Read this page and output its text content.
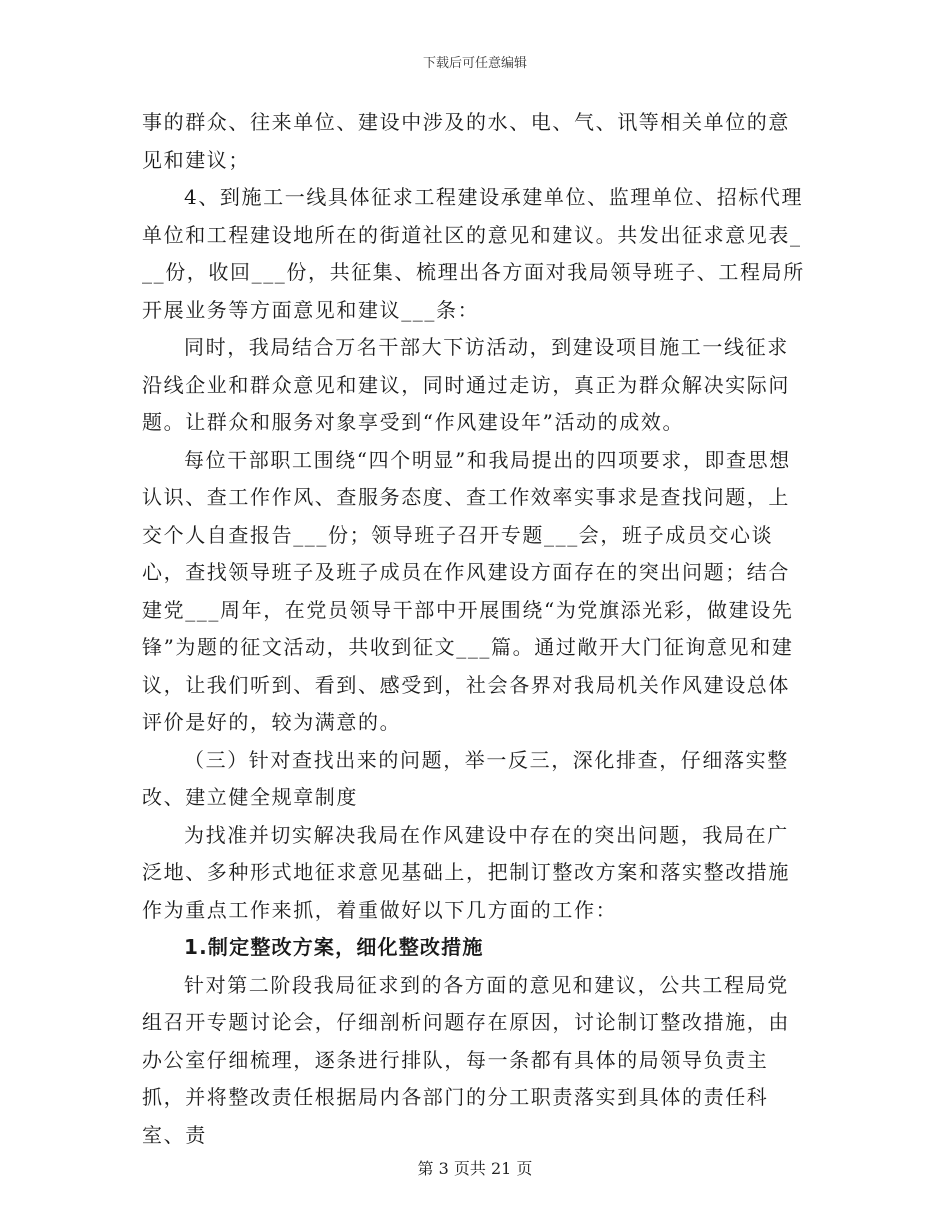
下载后可任意编辑

事的群众、往来单位、建设中涉及的水、电、气、讯等相关单位的意见和建议；

4、到施工一线具体征求工程建设承建单位、监理单位、招标代理单位和工程建设地所在的街道社区的意见和建议。共发出征求意见表___份，收回___份，共征集、梳理出各方面对我局领导班子、工程局所开展业务等方面意见和建议___条：

同时，我局结合万名干部大下访活动，到建设项目施工一线征求沿线企业和群众意见和建议，同时通过走访，真正为群众解决实际问题。让群众和服务对象享受到“作风建设年”活动的成效。

每位干部职工围绕“四个明显”和我局提出的四项要求，即查思想认识、查工作作风、查服务态度、查工作效率实事求是查找问题，上交个人自查报告___份；领导班子召开专题___会，班子成员交心谈心，查找领导班子及班子成员在作风建设方面存在的突出问题；结合建党___周年，在党员领导干部中开展围绕“为党旗添光彩，做建设先锋”为题的征文活动，共收到征文___篇。通过敞开大门征询意见和建议，让我们听到、看到、感受到，社会各界对我局机关作风建设总体评价是好的，较为满意的。

（三）针对查找出来的问题，举一反三，深化排查，仔细落实整改、建立健全规章制度

为找准并切实解决我局在作风建设中存在的突出问题，我局在广泛地、多种形式地征求意见基础上，把制订整改方案和落实整改措施作为重点工作来抓，着重做好以下几方面的工作：

1.制定整改方案，细化整改措施

针对第二阶段我局征求到的各方面的意见和建议，公共工程局党组召开专题讨论会，仔细剖析问题存在原因，讨论制订整改措施，由办公室仔细梳理，逐条进行排队，每一条都有具体的局领导负责主抓，并将整改责任根据局内各部门的分工职责落实到具体的责任科室、责

第 3 页共 21 页
